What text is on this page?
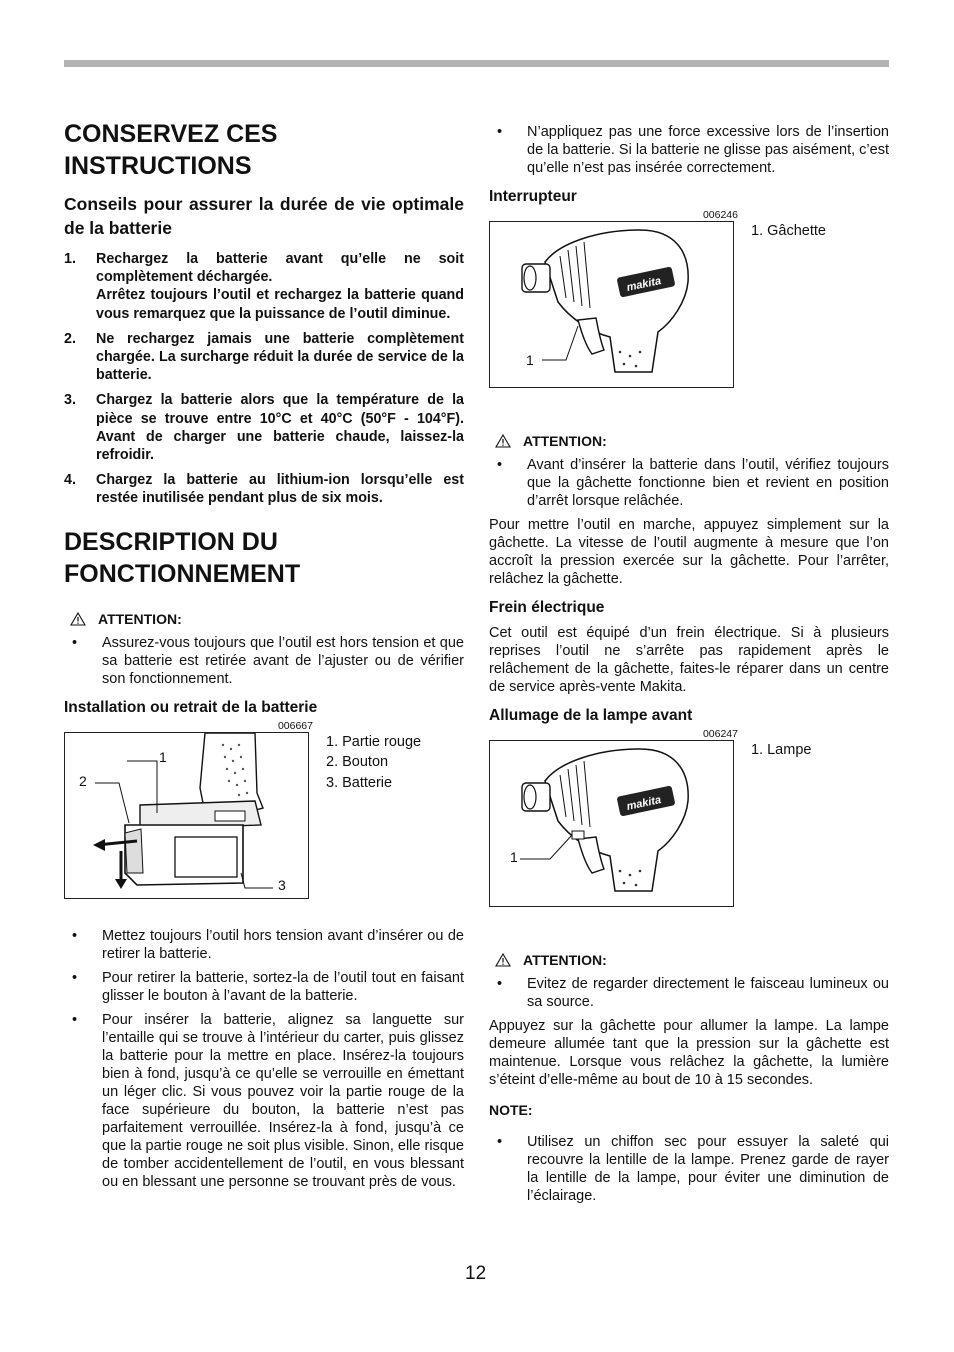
CONSERVEZ CES INSTRUCTIONS
Conseils pour assurer la durée de vie optimale de la batterie
1.	Rechargez la batterie avant qu’elle ne soit complètement déchargée.
Arrêtez toujours l’outil et rechargez la batterie quand vous remarquez que la puissance de l’outil diminue.
2.	Ne rechargez jamais une batterie complètement chargée. La surcharge réduit la durée de service de la batterie.
3.	Chargez la batterie alors que la température de la pièce se trouve entre 10°C et 40°C (50°F - 104°F). Avant de charger une batterie chaude, laissez-la refroidir.
4.	Chargez la batterie au lithium-ion lorsqu’elle est restée inutilisée pendant plus de six mois.
DESCRIPTION DU FONCTIONNEMENT
ATTENTION:
•	Assurez-vous toujours que l’outil est hors tension et que sa batterie est retirée avant de l’ajuster ou de vérifier son fonctionnement.
Installation ou retrait de la batterie
006667
1
2
3
1. Partie rouge
2. Bouton
3. Batterie
•	Mettez toujours l’outil hors tension avant d’insérer ou de retirer la batterie.
•	Pour retirer la batterie, sortez-la de l’outil tout en faisant glisser le bouton à l’avant de la batterie.
•	Pour insérer la batterie, alignez sa languette sur l’entaille qui se trouve à l’intérieur du carter, puis glissez la batterie pour la mettre en place. Insérez-la toujours bien à fond, jusqu’à ce qu’elle se verrouille en émettant un léger clic. Si vous pouvez voir la partie rouge de la face supérieure du bouton, la batterie n’est pas parfaitement verrouillée. Insérez-la à fond, jusqu’à ce que la partie rouge ne soit plus visible. Sinon, elle risque de tomber accidentellement de l’outil, en vous blessant ou en blessant une personne se trouvant près de vous.
•	N’appliquez pas une force excessive lors de l’insertion de la batterie. Si la batterie ne glisse pas aisément, c’est qu’elle n’est pas insérée correctement.
Interrupteur
006246
makita
1
1. Gâchette
ATTENTION:
•	Avant d’insérer la batterie dans l’outil, vérifiez toujours que la gâchette fonctionne bien et revient en position d’arrêt lorsque relâchée.

Pour mettre l’outil en marche, appuyez simplement sur la gâchette. La vitesse de l’outil augmente à mesure que l’on accroît la pression exercée sur la gâchette. Pour l’arrêter, relâchez la gâchette.

Frein électrique

Cet outil est équipé d’un frein électrique. Si à plusieurs reprises l’outil ne s’arrête pas rapidement après le relâchement de la gâchette, faites-le réparer dans un centre de service après-vente Makita.

Allumage de la lampe avant
006247
makita
1
1. Lampe
ATTENTION:
•	Evitez de regarder directement le faisceau lumineux ou sa source.

Appuyez sur la gâchette pour allumer la lampe. La lampe demeure allumée tant que la pression sur la gâchette est maintenue. Lorsque vous relâchez la gâchette, la lumière s’éteint d’elle-même au bout de 10 à 15 secondes.

NOTE:
•	Utilisez un chiffon sec pour essuyer la saleté qui recouvre la lentille de la lampe. Prenez garde de rayer la lentille de la lampe, pour éviter une diminution de l’éclairage.
12
